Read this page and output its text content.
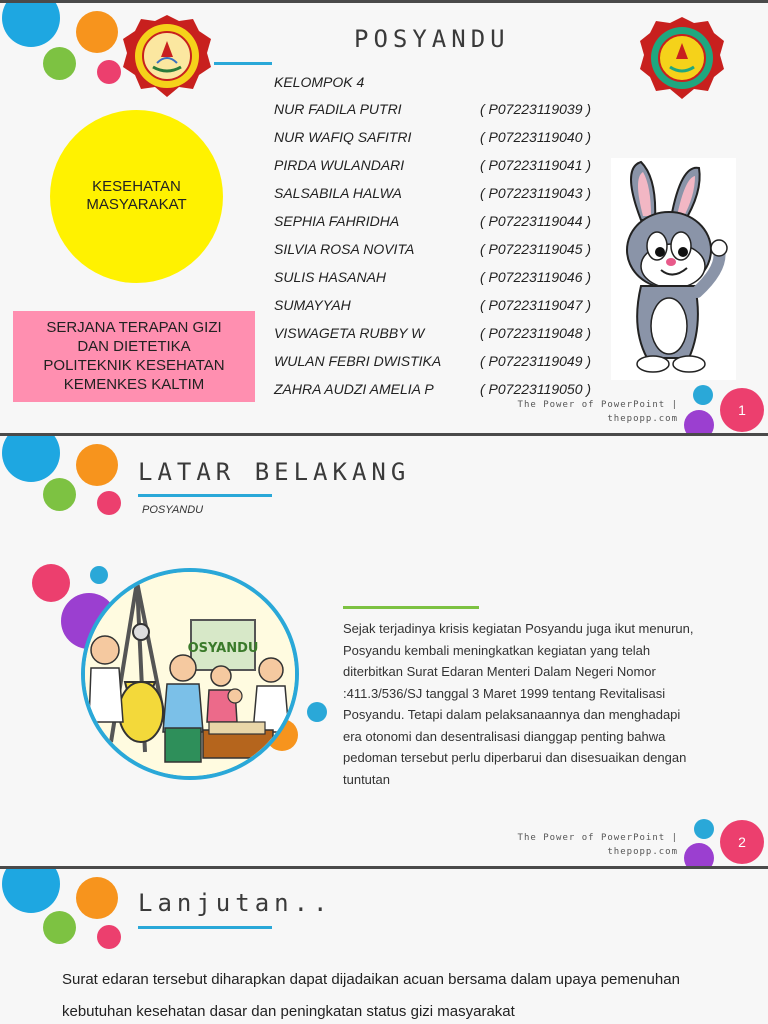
POSYANDU
KESEHATAN
MASYARAKAT
SERJANA TERAPAN GIZI
DAN DIETETIKA
POLITEKNIK KESEHATAN
KEMENKES KALTIM
KELOMPOK 4
NUR FADILA PUTRI	( P07223119039 )
NUR WAFIQ SAFITRI	( P07223119040 )
PIRDA WULANDARI	( P07223119041 )
SALSABILA HALWA	( P07223119043 )
SEPHIA FAHRIDHA	( P07223119044 )
SILVIA ROSA NOVITA	( P07223119045 )
SULIS HASANAH	( P07223119046 )
SUMAYYAH	( P07223119047 )
VISWAGETA RUBBY W	( P07223119048 )
WULAN FEBRI DWISTIKA	( P07223119049 )
ZAHRA AUDZI AMELIA P	( P07223119050 )
The Power of PowerPoint |
thepopp.com
1
LATAR BELAKANG
POSYANDU
OSYANDU
Sejak terjadinya krisis kegiatan Posyandu juga ikut menurun, Posyandu kembali meningkatkan kegiatan yang telah diterbitkan Surat Edaran Menteri Dalam Negeri Nomor :411.3/536/SJ tanggal 3 Maret 1999 tentang Revitalisasi Posyandu. Tetapi dalam pelaksanaannya dan menghadapi era otonomi dan desentralisasi dianggap penting bahwa pedoman tersebut perlu diperbarui dan disesuaikan dengan tuntutan
The Power of PowerPoint |
thepopp.com
2
Lanjutan..
Surat edaran tersebut diharapkan dapat dijadaikan acuan bersama dalam upaya pemenuhan kebutuhan kesehatan dasar dan peningkatan status gizi masyarakat
